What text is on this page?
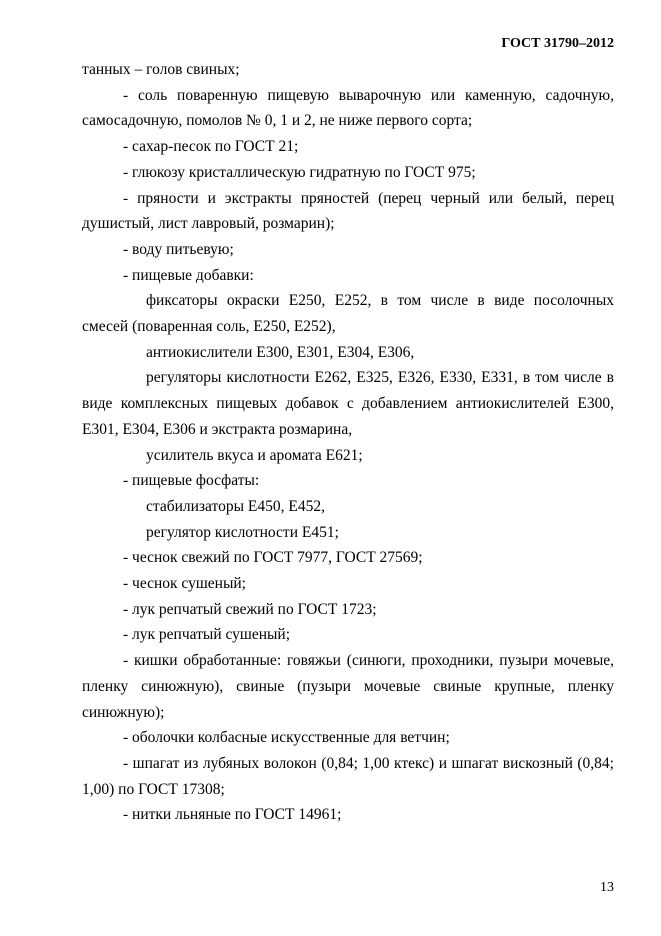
ГОСТ 31790–2012

танных – голов свиных;

- соль поваренную пищевую выварочную или каменную, садочную, самосадочную, помолов № 0, 1 и 2, не ниже первого сорта;

- сахар-песок по ГОСТ 21;

- глюкозу кристаллическую гидратную по ГОСТ 975;

- пряности и экстракты пряностей (перец черный или белый, перец душистый, лист лавровый, розмарин);

- воду питьевую;

- пищевые добавки:

фиксаторы окраски Е250, Е252, в том числе в виде посолочных смесей (поваренная соль, Е250, Е252),

антиокислители Е300, Е301, Е304, Е306,

регуляторы кислотности Е262, Е325, Е326, Е330, Е331, в том числе в виде комплексных пищевых добавок с добавлением антиокислителей Е300, Е301, Е304, Е306 и экстракта розмарина,

усилитель вкуса и аромата Е621;

- пищевые фосфаты:

стабилизаторы Е450, Е452,

регулятор кислотности Е451;

- чеснок свежий по ГОСТ 7977, ГОСТ 27569;

- чеснок сушеный;

- лук репчатый свежий по ГОСТ 1723;

- лук репчатый сушеный;

- кишки обработанные: говяжьи (синюги, проходники, пузыри мочевые, пленку синюжную), свиные (пузыри мочевые свиные крупные, пленку синюжную);

- оболочки колбасные искусственные для ветчин;

- шпагат из лубяных волокон (0,84; 1,00 ктекс) и шпагат вискозный (0,84; 1,00) по ГОСТ 17308;

- нитки льняные по ГОСТ 14961;

13
